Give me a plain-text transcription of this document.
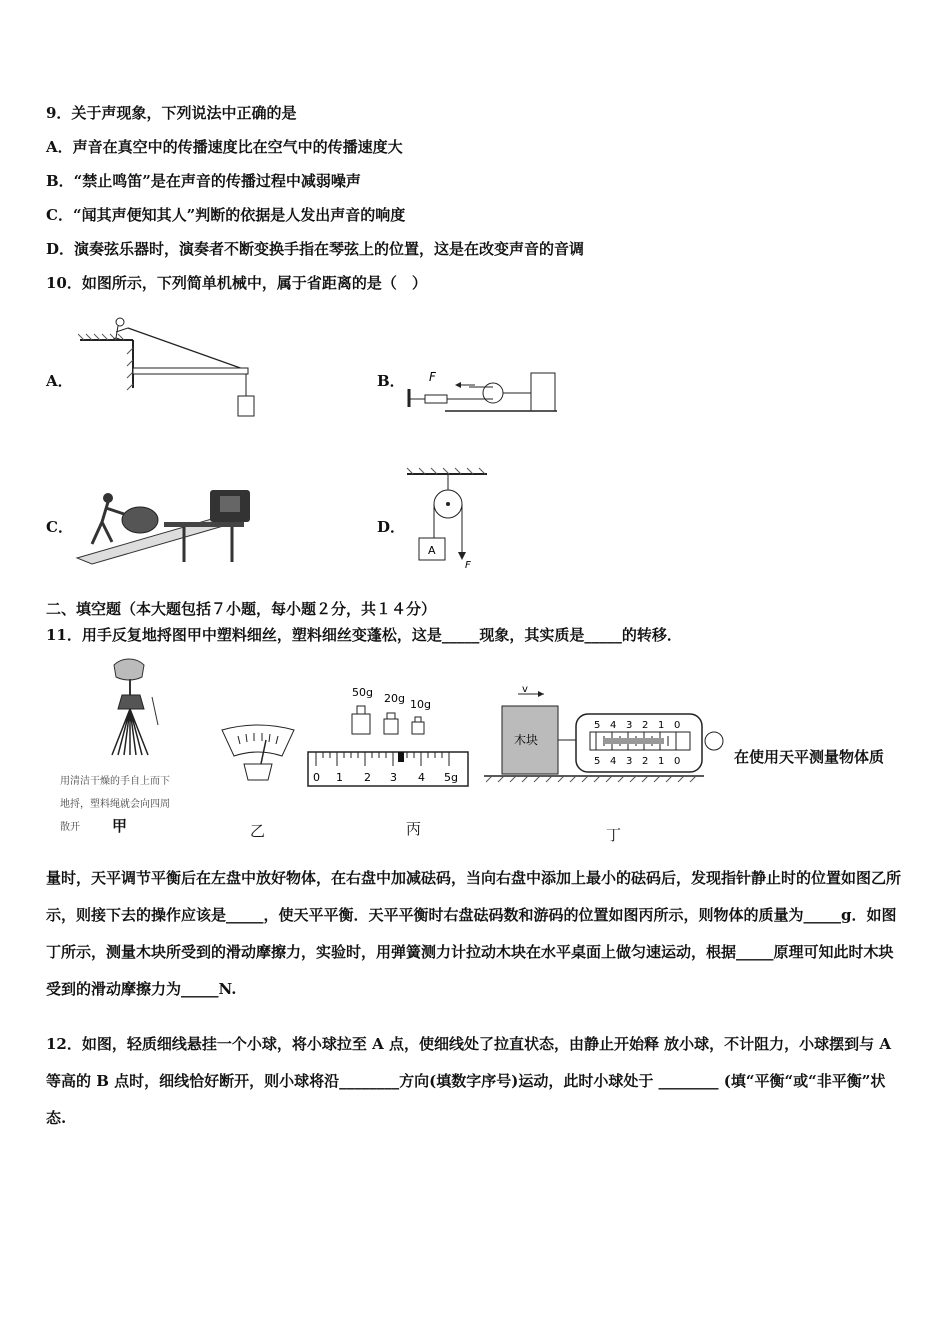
9．关于声现象，下列说法中正确的是
A．声音在真空中的传播速度比在空气中的传播速度大
B．“禁止鸣笛”是在声音的传播过程中减弱噪声
C．“闻其声便知其人”判断的依据是人发出声音的响度
D．演奏弦乐器时，演奏者不断变换手指在琴弦上的位置，这是在改变声音的音调
10．如图所示，下列简单机械中，属于省距离的是（　）
A．	B． F
C．	D．
A
F
二、填空题（本大题包括７小题，每小题２分，共１４分）
11．用手反复地捋图甲中塑料细丝，塑料细丝变蓬松，这是_____现象，其实质是_____的转移．
用清洁干燥的手自上而下
地捋，塑料绳就会向四周
散开 甲	乙
50g 20g 10g
0 1 2 3 4 5g
丙
v
木块
5 4 3 2 1 0
5 4 3 2 1 0
丁
在使用天平测量物体质
量时，天平调节平衡后在左盘中放好物体，在右盘中加减砝码，当向右盘中添加上最小的砝码后，发现指针静止时的位置如图乙所示，则接下去的操作应该是_____，使天平平衡．天平平衡时右盘砝码数和游码的位置如图丙所示，则物体的质量为_____g．如图丁所示，测量木块所受到的滑动摩擦力，实验时，用弹簧测力计拉动木块在水平桌面上做匀速运动，根据_____原理可知此时木块受到的滑动摩擦力为_____N.
12．如图，轻质细线悬挂一个小球，将小球拉至 A 点，使细线处了拉直状态，由静止开始释 放小球，不计阻力，小球摆到与 A 等高的 B 点时，细线恰好断开，则小球将沿________方向(填数字序号)运动，此时小球处于 ________ (填“平衡“或“非平衡”状态.
